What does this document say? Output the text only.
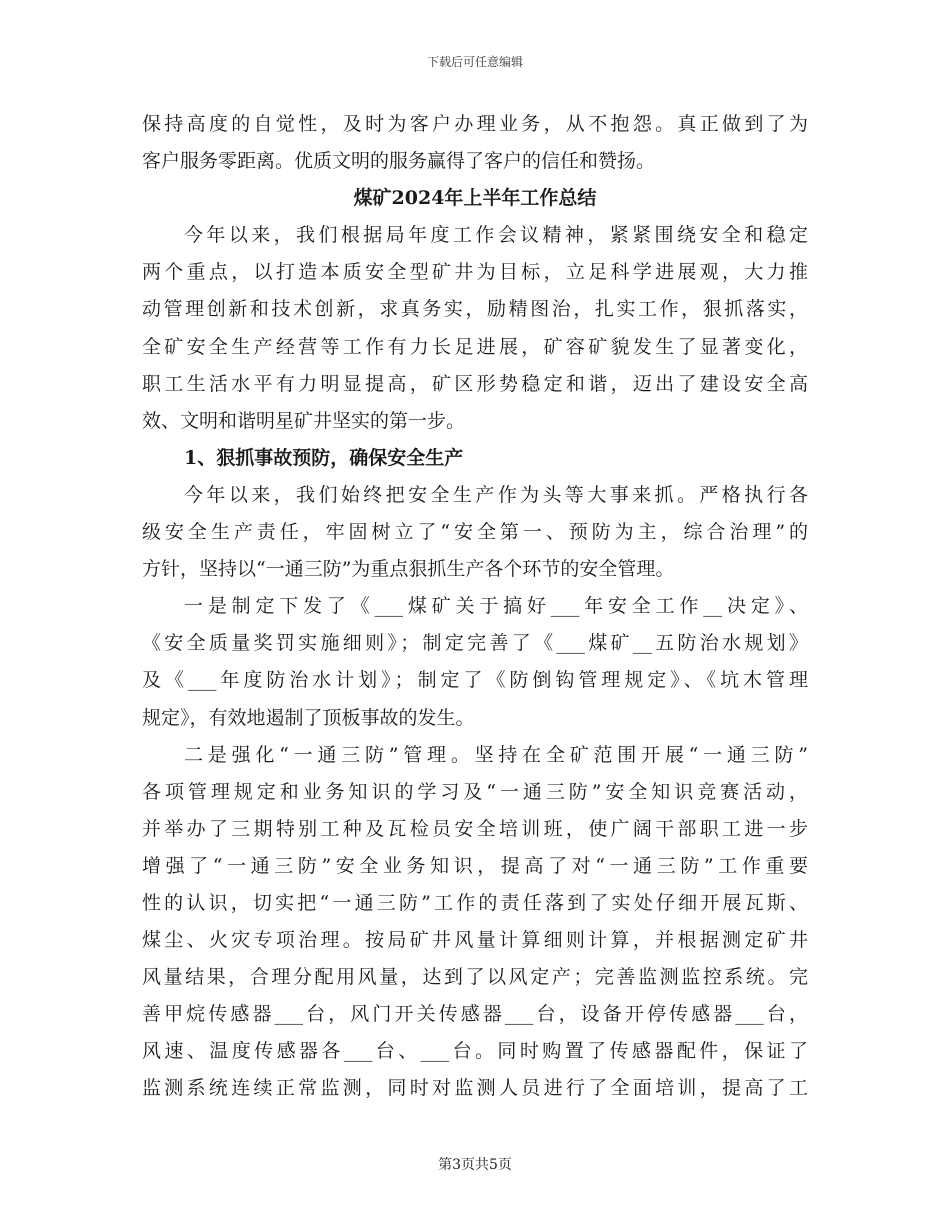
下载后可任意编辑
保持高度的自觉性，及时为客户办理业务，从不抱怨。真正做到了为
客户服务零距离。优质文明的服务赢得了客户的信任和赞扬。
煤矿2024年上半年工作总结
今年以来，我们根据局年度工作会议精神，紧紧围绕安全和稳定
两个重点，以打造本质安全型矿井为目标，立足科学进展观，大力推
动管理创新和技术创新，求真务实，励精图治，扎实工作，狠抓落实，
全矿安全生产经营等工作有力长足进展，矿容矿貌发生了显著变化，
职工生活水平有力明显提高，矿区形势稳定和谐，迈出了建设安全高
效、文明和谐明星矿井坚实的第一步。
1、狠抓事故预防，确保安全生产
今年以来，我们始终把安全生产作为头等大事来抓。严格执行各
级安全生产责任，牢固树立了“安全第一、预防为主，综合治理”的
方针，坚持以“一通三防”为重点狠抓生产各个环节的安全管理。
一是制定下发了《___煤矿关于搞好___年安全工作__决定》、
《安全质量奖罚实施细则》；制定完善了《___煤矿__五防治水规划》
及《___年度防治水计划》；制定了《防倒钩管理规定》、《坑木管理
规定》，有效地遏制了顶板事故的发生。
二是强化“一通三防”管理。坚持在全矿范围开展“一通三防”
各项管理规定和业务知识的学习及“一通三防”安全知识竞赛活动，
并举办了三期特别工种及瓦检员安全培训班，使广阔干部职工进一步
增强了“一通三防”安全业务知识，提高了对“一通三防”工作重要
性的认识，切实把“一通三防”工作的责任落到了实处仔细开展瓦斯、
煤尘、火灾专项治理。按局矿井风量计算细则计算，并根据测定矿井
风量结果，合理分配用风量，达到了以风定产；完善监测监控系统。完
善甲烷传感器___台，风门开关传感器___台，设备开停传感器___台，
风速、温度传感器各___台、___台。同时购置了传感器配件，保证了
监测系统连续正常监测，同时对监测人员进行了全面培训，提高了工
第3页共5页
